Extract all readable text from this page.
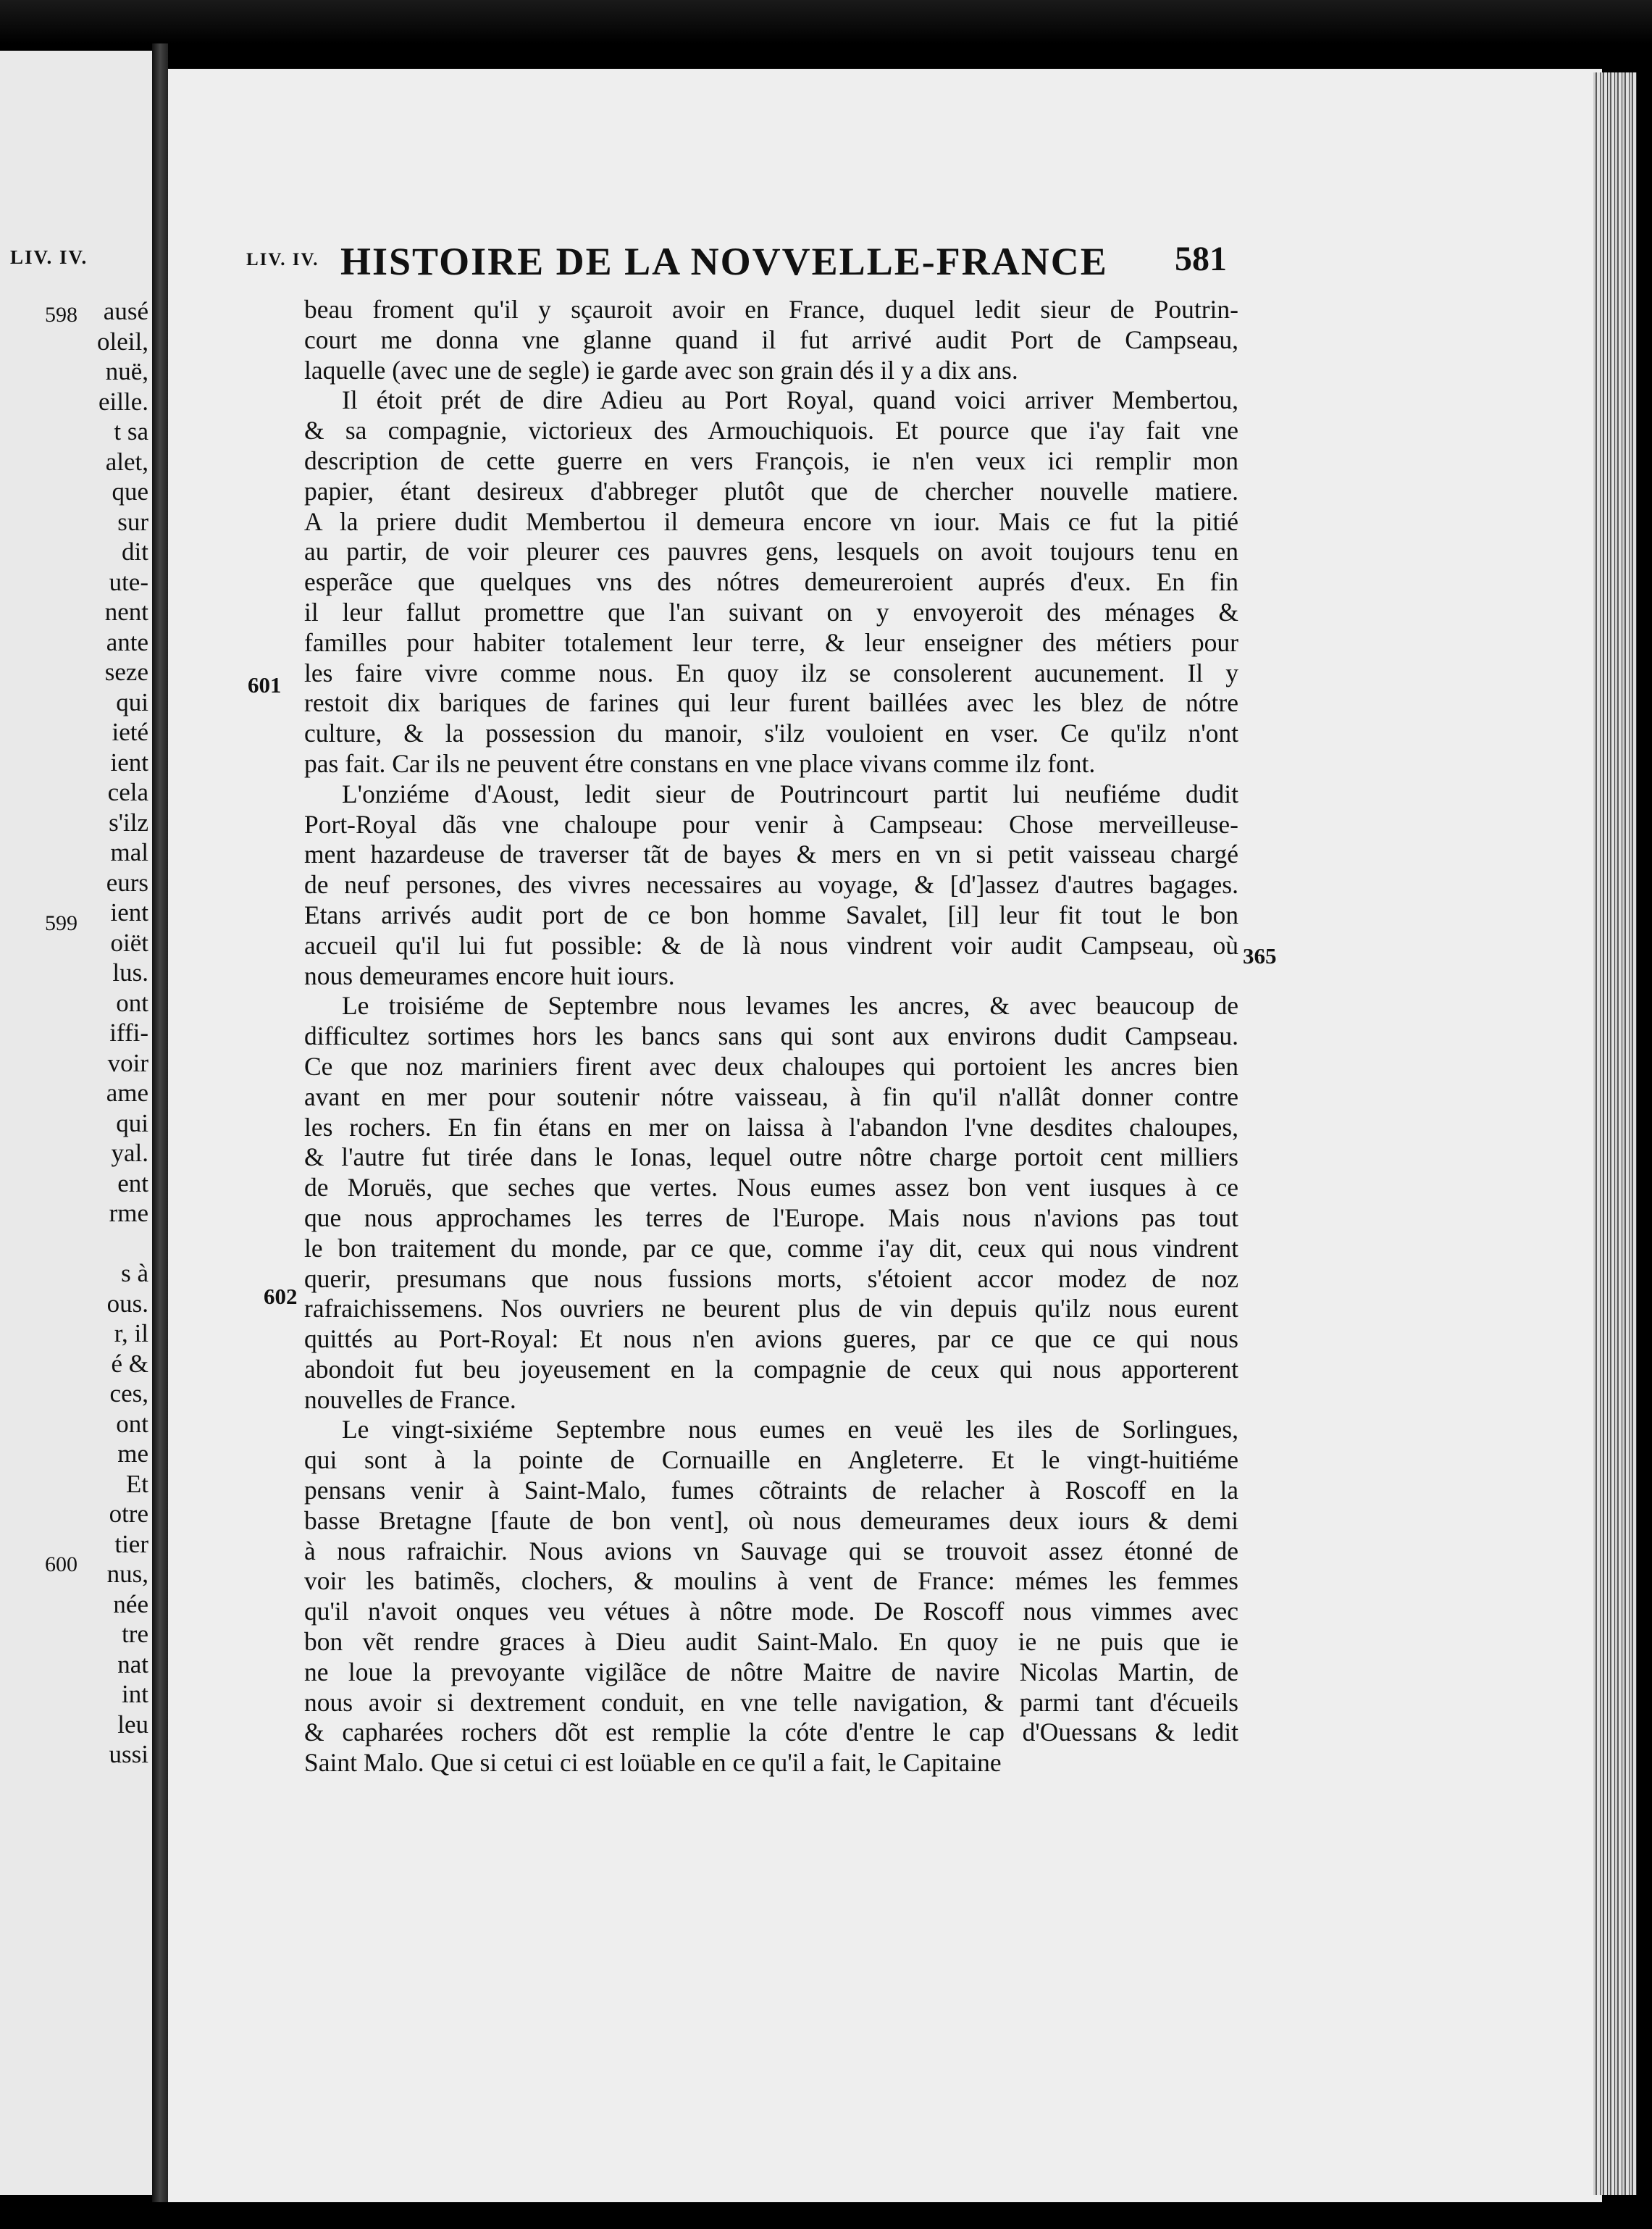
LIV. IV.
ausé
oleil,
nuë,
eille.
t sa
alet,
que
sur
dit
ute-
nent
ante
seze
qui
ieté
ient
cela
s'ilz
mal
eurs
ient
oiët
lus.
ont
iffi-
voir
ame
qui
yal.
ent
rme
s à
ous.
r, il
é &
ces,
ont
me
Et
otre
tier
nus,
née
tre
nat
int
leu
ussi
598
599
600
LIV. IV. HISTOIRE DE LA NOVVELLE-FRANCE 581
601
602
365
beau froment qu'il y sçauroit avoir en France, duquel ledit sieur de Poutrin-
court me donna vne glanne quand il fut arrivé audit Port de Campseau,
laquelle (avec une de segle) ie garde avec son grain dés il y a dix ans.
Il étoit prét de dire Adieu au Port Royal, quand voici arriver Membertou,
& sa compagnie, victorieux des Armouchiquois. Et pource que i'ay fait vne
description de cette guerre en vers François, ie n'en veux ici remplir mon
papier, étant desireux d'abbreger plutôt que de chercher nouvelle matiere.
A la priere dudit Membertou il demeura encore vn iour. Mais ce fut la pitié
au partir, de voir pleurer ces pauvres gens, lesquels on avoit toujours tenu en
esperãce que quelques vns des nótres demeureroient auprés d'eux. En fin
il leur fallut promettre que l'an suivant on y envoyeroit des ménages &
familles pour habiter totalement leur terre, & leur enseigner des métiers pour
les faire vivre comme nous. En quoy ilz se consolerent aucunement. Il y
restoit dix bariques de farines qui leur furent baillées avec les blez de nótre
culture, & la possession du manoir, s'ilz vouloient en vser. Ce qu'ilz n'ont
pas fait. Car ils ne peuvent étre constans en vne place vivans comme ilz font.
L'onziéme d'Aoust, ledit sieur de Poutrincourt partit lui neufiéme dudit
Port-Royal dãs vne chaloupe pour venir à Campseau: Chose merveilleuse-
ment hazardeuse de traverser tãt de bayes & mers en vn si petit vaisseau chargé
de neuf persones, des vivres necessaires au voyage, & [d']assez d'autres bagages.
Etans arrivés audit port de ce bon homme Savalet, [il] leur fit tout le bon
accueil qu'il lui fut possible: & de là nous vindrent voir audit Campseau, où
nous demeurames encore huit iours.
Le troisiéme de Septembre nous levames les ancres, & avec beaucoup de
difficultez sortimes hors les bancs sans qui sont aux environs dudit Campseau.
Ce que noz mariniers firent avec deux chaloupes qui portoient les ancres bien
avant en mer pour soutenir nótre vaisseau, à fin qu'il n'allât donner contre
les rochers. En fin étans en mer on laissa à l'abandon l'vne desdites chaloupes,
& l'autre fut tirée dans le Ionas, lequel outre nôtre charge portoit cent milliers
de Moruës, que seches que vertes. Nous eumes assez bon vent iusques à ce
que nous approchames les terres de l'Europe. Mais nous n'avions pas tout
le bon traitement du monde, par ce que, comme i'ay dit, ceux qui nous vindrent
querir, presumans que nous fussions morts, s'étoient accor modez de noz
rafraichissemens. Nos ouvriers ne beurent plus de vin depuis qu'ilz nous eurent
quittés au Port-Royal: Et nous n'en avions gueres, par ce que ce qui nous
abondoit fut beu joyeusement en la compagnie de ceux qui nous apporterent
nouvelles de France.
Le vingt-sixiéme Septembre nous eumes en veuë les iles de Sorlingues,
qui sont à la pointe de Cornuaille en Angleterre. Et le vingt-huitiéme
pensans venir à Saint-Malo, fumes cõtraints de relacher à Roscoff en la
basse Bretagne [faute de bon vent], où nous demeurames deux iours & demi
à nous rafraichir. Nous avions vn Sauvage qui se trouvoit assez étonné de
voir les batimẽs, clochers, & moulins à vent de France: mémes les femmes
qu'il n'avoit onques veu vétues à nôtre mode. De Roscoff nous vimmes avec
bon vẽt rendre graces à Dieu audit Saint-Malo. En quoy ie ne puis que ie
ne loue la prevoyante vigilãce de nôtre Maitre de navire Nicolas Martin, de
nous avoir si dextrement conduit, en vne telle navigation, & parmi tant d'écueils
& capharées rochers dõt est remplie la cóte d'entre le cap d'Ouessans & ledit
Saint Malo. Que si cetui ci est loüable en ce qu'il a fait, le Capitaine
